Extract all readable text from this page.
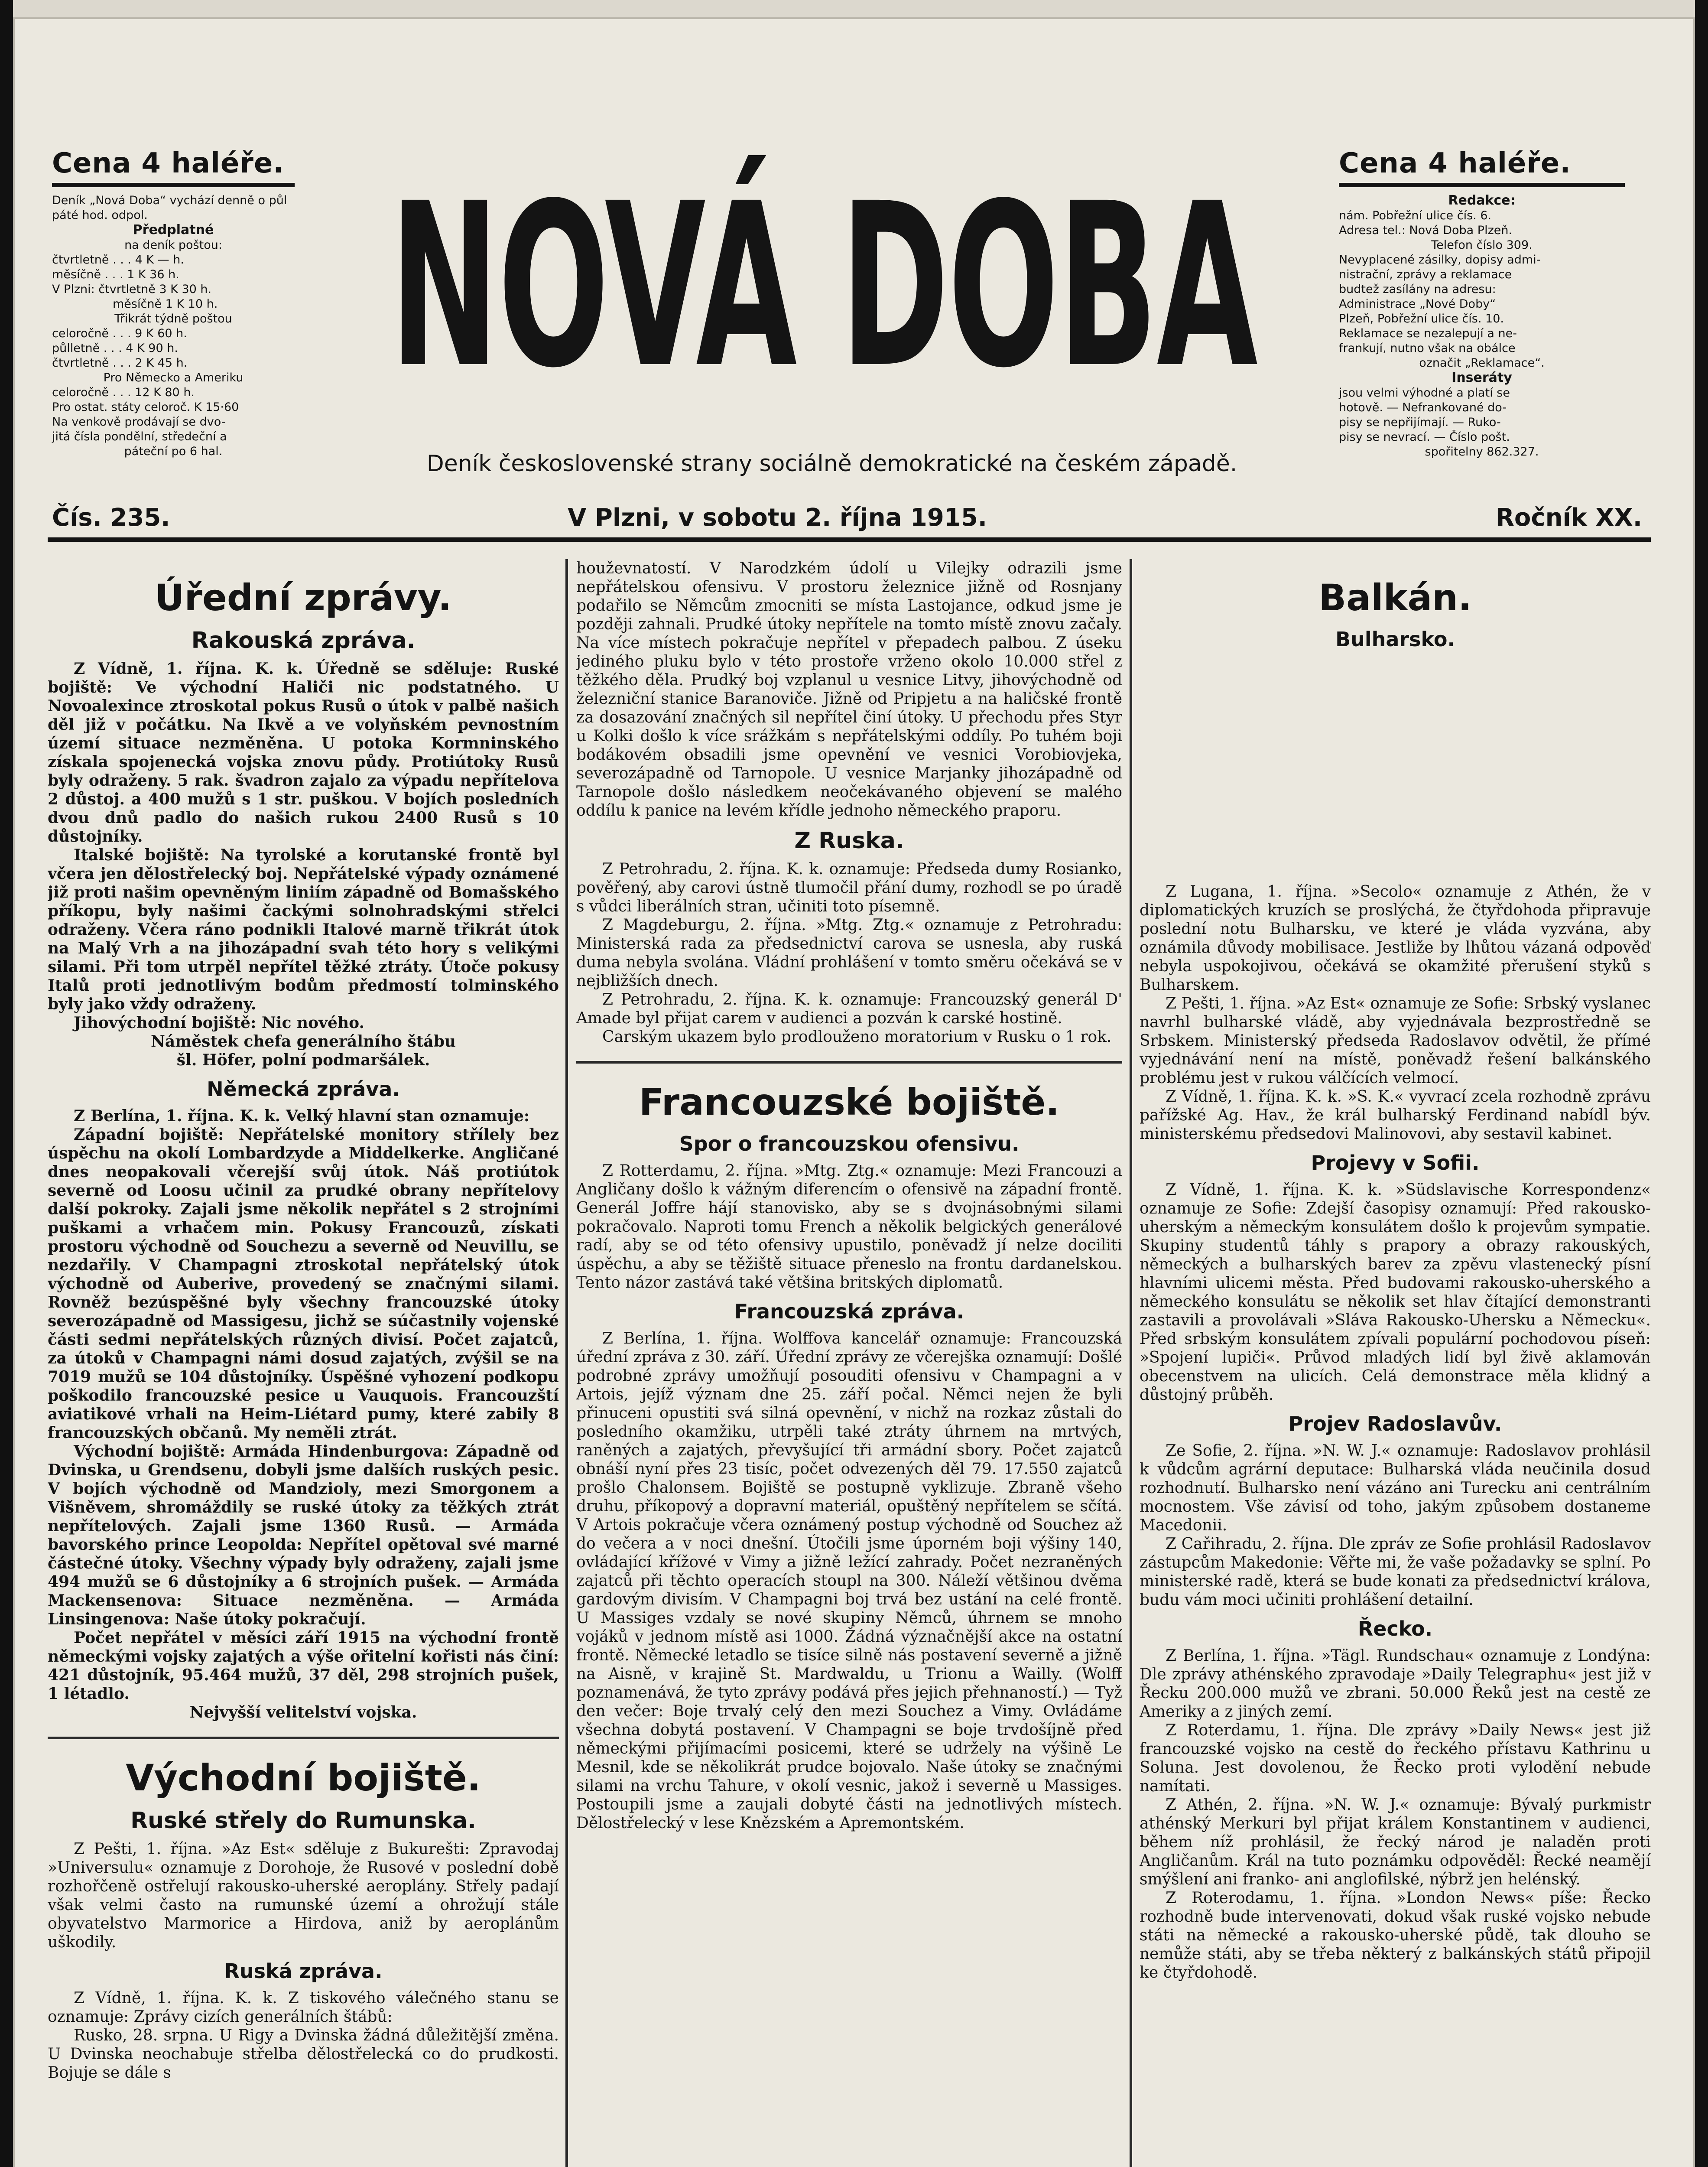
Cena 4 haléře.
Deník „Nová Doba“ vychází denně o půl páté hod. odpol.
Předplatné
na deník poštou:
čtvrtletně . . . 4 K — h.
měsíčně . . . 1 K 36 h.
V Plzni: čtvrtletně 3 K 30 h.
měsíčně 1 K 10 h.
Třikrát týdně poštou
celoročně . . . 9 K 60 h.
půlletně . . . 4 K 90 h.
čtvrtletně . . . 2 K 45 h.
Pro Německo a Ameriku
celoročně . . . 12 K 80 h.
Pro ostat. státy celoroč. K 15·60
Na venkově prodávají se dvo-
jitá čísla pondělní, středeční a
páteční po 6 hal.
NOVÁ DOBA
Deník československé strany sociálně demokratické na českém západě.
Cena 4 haléře.
Redakce:
nám. Pobřežní ulice čís. 6.
Adresa tel.: Nová Doba Plzeň.
Telefon číslo 309.
Nevyplacené zásilky, dopisy admi-
nistrační, zprávy a reklamace
budtež zasílány na adresu:
Administrace „Nové Doby“
Plzeň, Pobřežní ulice čís. 10.
Reklamace se nezalepují a ne-
frankují, nutno však na obálce
označit „Reklamace“.
Inseráty
jsou velmi výhodné a platí se
hotově. — Nefrankované do-
pisy se nepřijímají. — Ruko-
pisy se nevrací. — Číslo pošt.
spořitelny 862.327.
Čís. 235.	V Plzni, v sobotu 2. října 1915.	Ročník XX.
Úřední zprávy.
Rakouská zpráva.

Z Vídně, 1. října. K. k. Úředně se sděluje: Ruské bojiště: Ve východní Haliči nic podstatného. U Novoalexince ztroskotal pokus Rusů o útok v palbě našich děl již v počátku. Na Ikvě a ve volyňském pevnostním území situace nezměněna. U potoka Kormninského získala spojenecká vojska znovu půdy. Protiútoky Rusů byly odraženy. 5 rak. švadron zajalo za výpadu nepřítelova 2 důstoj. a 400 mužů s 1 str. puškou. V bojích posledních dvou dnů padlo do našich rukou 2400 Rusů s 10 důstojníky.

Italské bojiště: Na tyrolské a korutanské frontě byl včera jen dělostřelecký boj. Nepřátelské výpady oznámené již proti našim opevněným liniím západně od Bomašského příkopu, byly našimi čackými solnohradskými střelci odraženy. Včera ráno podnikli Italové marně třikrát útok na Malý Vrh a na jihozápadní svah této hory s velikými silami. Při tom utrpěl nepřítel těžké ztráty. Útoče pokusy Italů proti jednotlivým bodům předmostí tolminského byly jako vždy odraženy.

Jihovýchodní bojiště: Nic nového.

Náměstek chefa generálního štábu

šl. Höfer, polní podmaršálek.

Německá zpráva.

Z Berlína, 1. října. K. k. Velký hlavní stan oznamuje:

Západní bojiště: Nepřátelské monitory střílely bez úspěchu na okolí Lombardzyde a Middelkerke. Angličané dnes neopakovali včerejší svůj útok. Náš protiútok severně od Loosu učinil za prudké obrany nepřítelovy další pokroky. Zajali jsme několik nepřátel s 2 strojními puškami a vrhačem min. Pokusy Francouzů, získati prostoru východně od Souchezu a severně od Neuvillu, se nezdařily. V Champagni ztroskotal nepřátelský útok východně od Auberive, provedený se značnými silami. Rovněž bezúspěšné byly všechny francouzské útoky severozápadně od Massigesu, jichž se súčastnily vojenské části sedmi nepřátelských různých divisí. Počet zajatců, za útoků v Champagni námi dosud zajatých, zvýšil se na 7019 mužů se 104 důstojníky. Úspěšné vyhození podkopu poškodilo francouzské pesice u Vauquois. Francouzští aviatikové vrhali na Heim-Liétard pumy, které zabily 8 francouzských občanů. My neměli ztrát.

Východní bojiště: Armáda Hindenburgova: Západně od Dvinska, u Grendsenu, dobyli jsme dalších ruských pesic. V bojích východně od Mandzioly, mezi Smorgonem a Višněvem, shromáždily se ruské útoky za těžkých ztrát nepřítelových. Zajali jsme 1360 Rusů. — Armáda bavorského prince Leopolda: Nepřítel opětoval své marné částečné útoky. Všechny výpady byly odraženy, zajali jsme 494 mužů se 6 důstojníky a 6 strojních pušek. — Armáda Mackensenova: Situace nezměněna. — Armáda Linsingenova: Naše útoky pokračují.

Počet nepřátel v měsíci září 1915 na východní frontě německými vojsky zajatých a výše ořitelní kořisti nás činí: 421 důstojník, 95.464 mužů, 37 děl, 298 strojních pušek, 1 létadlo.

Nejvyšší velitelství vojska.

Východní bojiště.
Ruské střely do Rumunska.

Z Pešti, 1. října. »Az Est« sděluje z Bukurešti: Zpravodaj »Universulu« oznamuje z Dorohoje, že Rusové v poslední době rozhořčeně ostřelují rakousko-uherské aeroplány. Střely padají však velmi často na rumunské území a ohrožují stále obyvatelstvo Marmorice a Hirdova, aniž by aeroplánům uškodily.

Ruská zpráva.

Z Vídně, 1. října. K. k. Z tiskového válečného stanu se oznamuje: Zprávy cizích generálních štábů:

Rusko, 28. srpna. U Rigy a Dvinska žádná důležitější změna. U Dvinska neochabuje střelba dělostřelecká co do prudkosti. Bojuje se dále s

houževnatostí. V Narodzkém údolí u Vilejky odrazili jsme nepřátelskou ofensivu. V prostoru železnice jižně od Rosnjany podařilo se Němcům zmocniti se místa Lastojance, odkud jsme je později zahnali. Prudké útoky nepřítele na tomto místě znovu začaly. Na více místech pokračuje nepřítel v přepadech palbou. Z úseku jediného pluku bylo v této prostoře vrženo okolo 10.000 střel z těžkého děla. Prudký boj vzplanul u vesnice Litvy, jihovýchodně od železniční stanice Baranoviče. Jižně od Pripjetu a na haličské frontě za dosazování značných sil nepřítel činí útoky. U přechodu přes Styr u Kolki došlo k více srážkám s nepřátelskými oddíly. Po tuhém boji bodákovém obsadili jsme opevnění ve vesnici Vorobiovjeka, severozápadně od Tarnopole. U vesnice Marjanky jihozápadně od Tarnopole došlo následkem neočekávaného objevení se malého oddílu k panice na levém křídle jednoho německého praporu.

Z Ruska.

Z Petrohradu, 2. října. K. k. oznamuje: Předseda dumy Rosianko, pověřený, aby carovi ústně tlumočil přání dumy, rozhodl se po úradě s vůdci liberálních stran, učiniti toto písemně.

Z Magdeburgu, 2. října. »Mtg. Ztg.« oznamuje z Petrohradu: Ministerská rada za předsednictví carova se usnesla, aby ruská duma nebyla svolána. Vládní prohlášení v tomto směru očekává se v nejbližších dnech.

Z Petrohradu, 2. října. K. k. oznamuje: Francouzský generál D' Amade byl přijat carem v audienci a pozván k carské hostině.

Carským ukazem bylo prodlouženo moratorium v Rusku o 1 rok.

Francouzské bojiště.
Spor o francouzskou ofensivu.

Z Rotterdamu, 2. října. »Mtg. Ztg.« oznamuje: Mezi Francouzi a Angličany došlo k vážným diferencím o ofensivě na západní frontě. Generál Joffre hájí stanovisko, aby se s dvojnásobnými silami pokračovalo. Naproti tomu French a několik belgických generálové radí, aby se od této ofensivy upustilo, poněvadž jí nelze dociliti úspěchu, a aby se těžiště situace přeneslo na frontu dardanelskou. Tento názor zastává také většina britských diplomatů.

Francouzská zpráva.

Z Berlína, 1. října. Wolffova kancelář oznamuje: Francouzská úřední zpráva z 30. září. Úřední zprávy ze včerejška oznamují: Došlé podrobné zprávy umožňují posouditi ofensivu v Champagni a v Artois, jejíž význam dne 25. září počal. Němci nejen že byli přinuceni opustiti svá silná opevnění, v nichž na rozkaz zůstali do posledního okamžiku, utrpěli také ztráty úhrnem na mrtvých, raněných a zajatých, převyšující tři armádní sbory. Počet zajatců obnáší nyní přes 23 tisíc, počet odvezených děl 79. 17.550 zajatců prošlo Chalonsem. Bojiště se postupně vyklizuje. Zbraně všeho druhu, příkopový a dopravní materiál, opuštěný nepřítelem se sčítá. V Artois pokračuje včera oznámený postup východně od Souchez až do večera a v noci dnešní. Útočili jsme úporném boji výšiny 140, ovládající křížové v Vimy a jižně ležící zahrady. Počet nezraněných zajatců při těchto operacích stoupl na 300. Náleží většinou dvěma gardovým divisím. V Champagni boj trvá bez ustání na celé frontě. U Massiges vzdaly se nové skupiny Němců, úhrnem se mnoho vojáků v jednom místě asi 1000. Žádná význačnější akce na ostatní frontě. Německé letadlo se tisíce silně nás postavení severně a jižně na Aisně, v krajině St. Mardwaldu, u Trionu a Wailly. (Wolff poznamenává, že tyto zprávy podává přes jejich přehnaností.) — Tyž den večer: Boje trvalý celý den mezi Souchez a Vimy. Ovládáme všechna dobytá postavení. V Champagni se boje trvdošíjně před německými přijímacími posicemi, které se udržely na výšině Le Mesnil, kde se několikrát prudce bojovalo. Naše útoky se značnými silami na vrchu Tahure, v okolí vesnic, jakož i severně u Massiges. Postoupili jsme a zaujali dobyté části na jednotlivých místech. Dělostřelecký v lese Knězském a Apremontském.

Balkán.
Bulharsko.

Z Lugana, 1. října. »Secolo« oznamuje z Athén, že v diplomatických kruzích se proslýchá, že čtyřdohoda připravuje poslední notu Bulharsku, ve které je vláda vyzvána, aby oznámila důvody mobilisace. Jestliže by lhůtou vázaná odpověď nebyla uspokojivou, očekává se okamžité přerušení styků s Bulharskem.

Z Pešti, 1. října. »Az Est« oznamuje ze Sofie: Srbský vyslanec navrhl bulharské vládě, aby vyjednávala bezprostředně se Srbskem. Ministerský předseda Radoslavov odvětil, že přímé vyjednávání není na místě, poněvadž řešení balkánského problému jest v rukou válčících velmocí.

Z Vídně, 1. října. K. k. »S. K.« vyvrací zcela rozhodně zprávu pařížské Ag. Hav., že král bulharský Ferdinand nabídl býv. ministerskému předsedovi Malinovovi, aby sestavil kabinet.

Projevy v Sofii.

Z Vídně, 1. října. K. k. »Südslavische Korrespondenz« oznamuje ze Sofie: Zdejší časopisy oznamují: Před rakousko-uherským a německým konsulátem došlo k projevům sympatie. Skupiny studentů táhly s prapory a obrazy rakouských, německých a bulharských barev za zpěvu vlastenecký písní hlavními ulicemi města. Před budovami rakousko-uherského a německého konsulátu se několik set hlav čítající demonstranti zastavili a provolávali »Sláva Rakousko-Uhersku a Německu«. Před srbským konsulátem zpívali populární pochodovou píseň: »Spojení lupiči«. Průvod mladých lidí byl živě aklamován obecenstvem na ulicích. Celá demonstrace měla klidný a důstojný průběh.

Projev Radoslavův.

Ze Sofie, 2. října. »N. W. J.« oznamuje: Radoslavov prohlásil k vůdcům agrární deputace: Bulharská vláda neučinila dosud rozhodnutí. Bulharsko není vázáno ani Turecku ani centrálním mocnostem. Vše závisí od toho, jakým způsobem dostaneme Macedonii.

Z Cařihradu, 2. října. Dle zpráv ze Sofie prohlásil Radoslavov zástupcům Makedonie: Věřte mi, že vaše požadavky se splní. Po ministerské radě, která se bude konati za předsednictví králova, budu vám moci učiniti prohlášení detailní.

Řecko.

Z Berlína, 1. října. »Tägl. Rundschau« oznamuje z Londýna: Dle zprávy athénského zpravodaje »Daily Telegraphu« jest již v Řecku 200.000 mužů ve zbrani. 50.000 Řeků jest na cestě ze Ameriky a z jiných zemí.

Z Roterdamu, 1. října. Dle zprávy »Daily News« jest již francouzské vojsko na cestě do řeckého přístavu Kathrinu u Soluna. Jest dovolenou, že Řecko proti vylodění nebude namítati.

Z Athén, 2. října. »N. W. J.« oznamuje: Bývalý purkmistr athénský Merkuri byl přijat králem Konstantinem v audienci, během níž prohlásil, že řecký národ je naladěn proti Angličanům. Král na tuto poznámku odpověděl: Řecké neamějí smýšlení ani franko- ani anglofilské, nýbrž jen helénský.

Z Roterodamu, 1. října. »London News« píše: Řecko rozhodně bude intervenovati, dokud však ruské vojsko nebude státi na německé a rakousko-uherské půdě, tak dlouho se nemůže státi, aby se třeba některý z balkánských států připojil ke čtyřdohodě.
